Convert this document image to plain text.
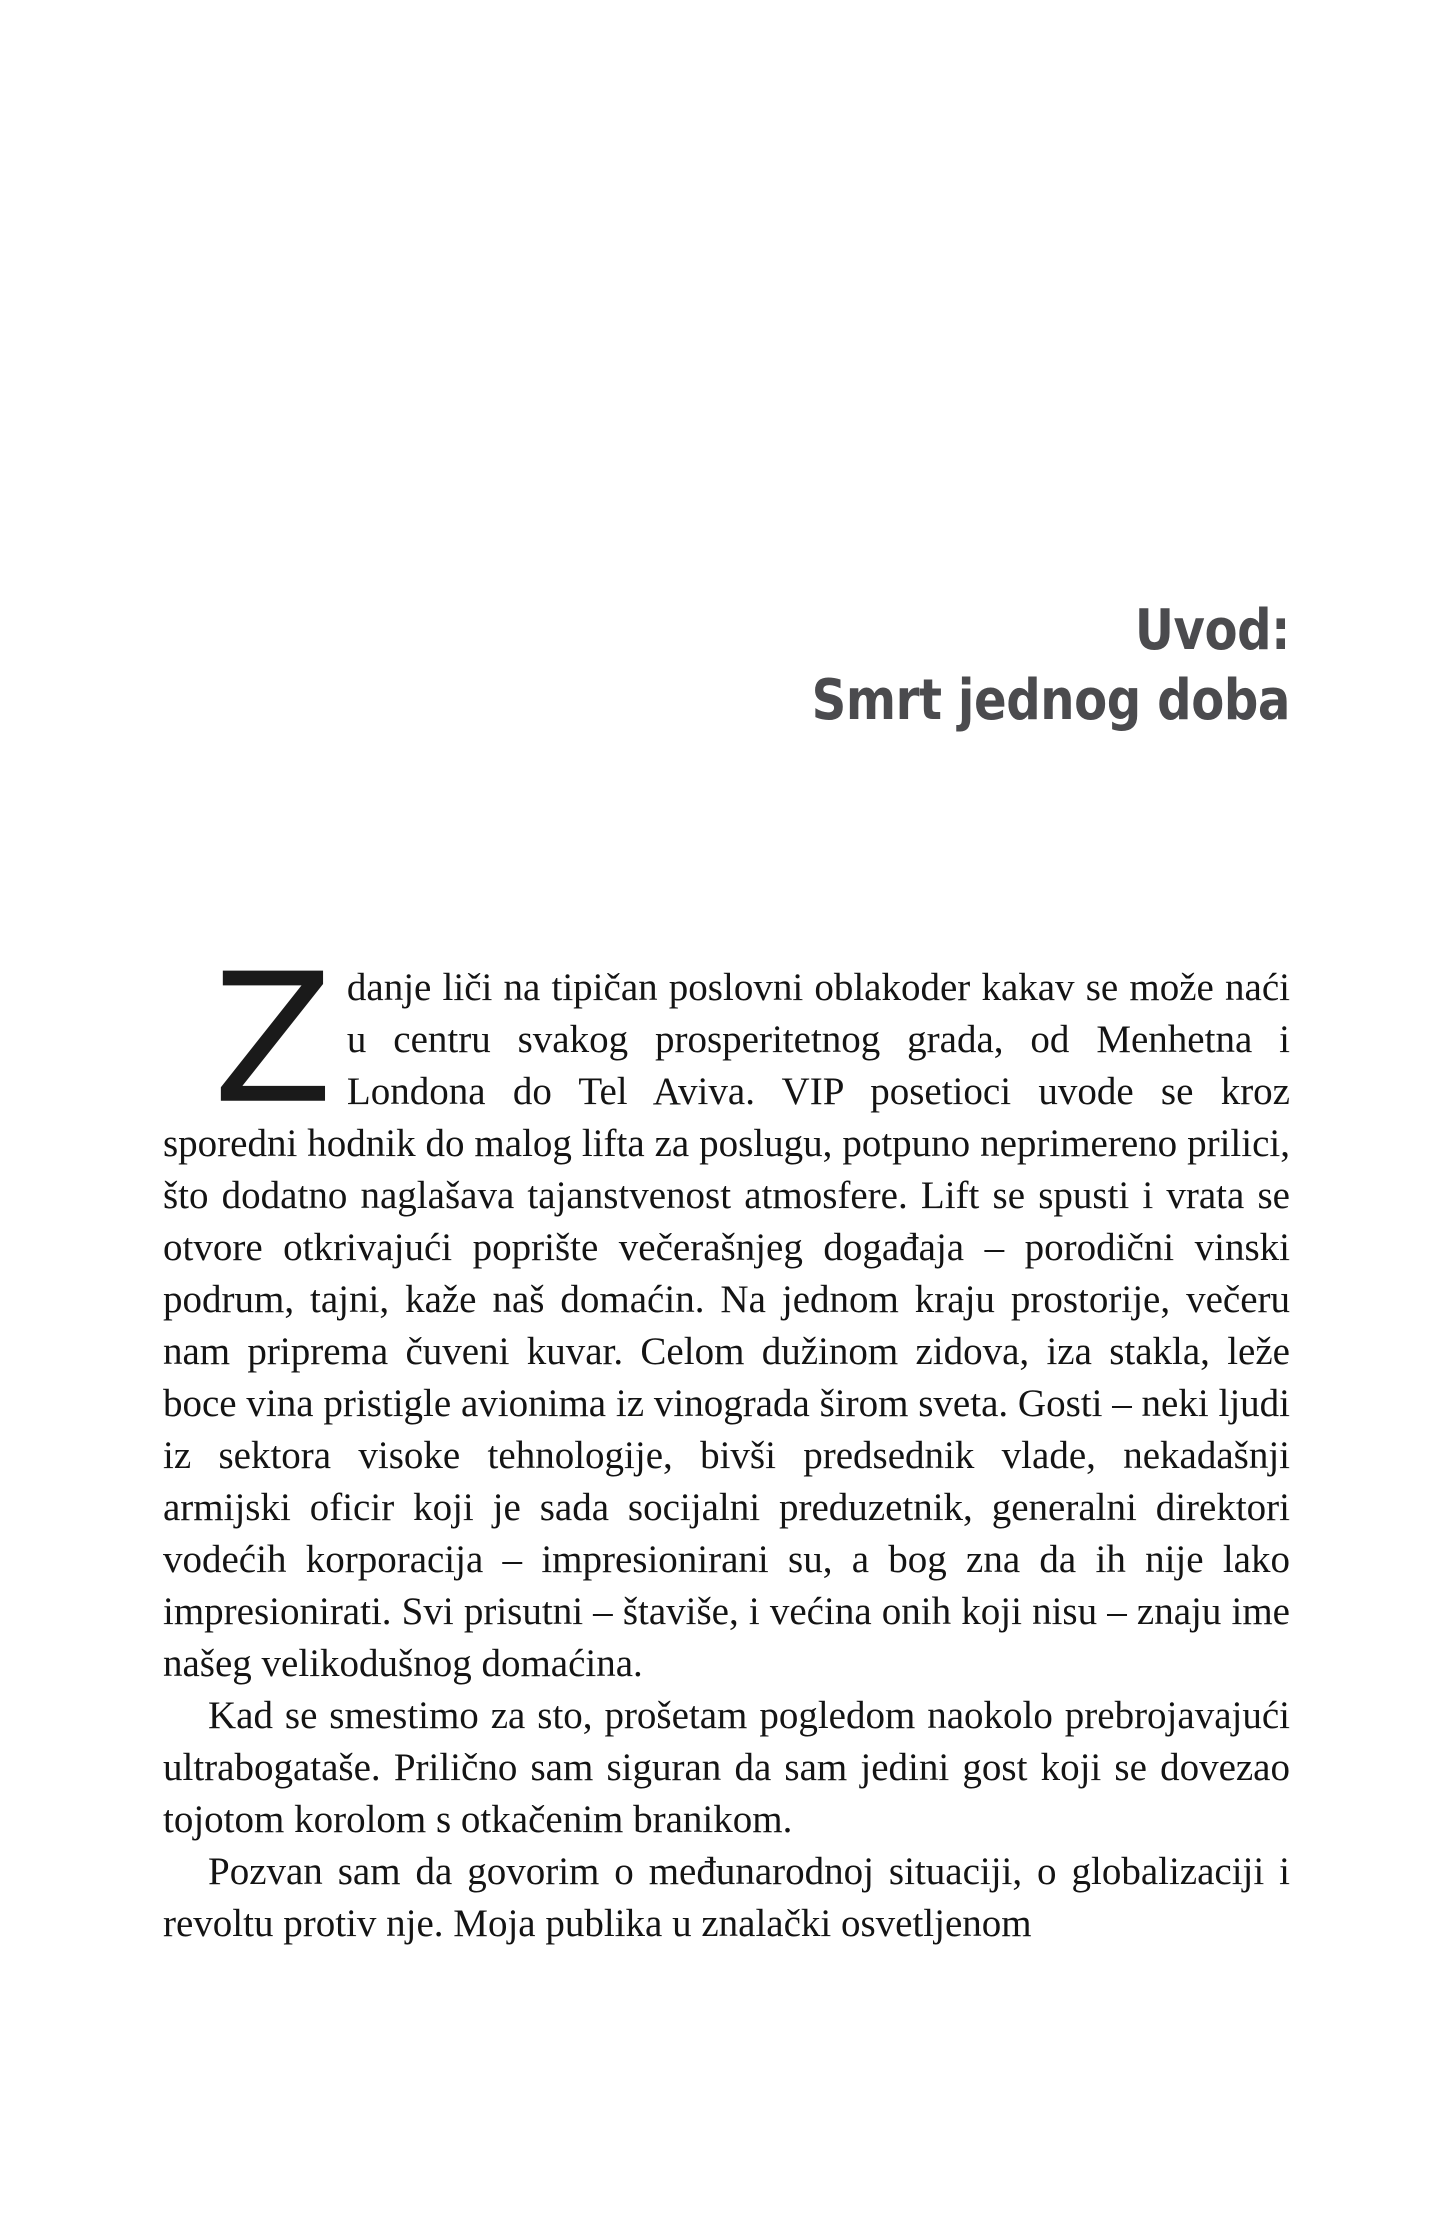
Uvod:
Smrt jednog doba

Zdanje liči na tipičan poslovni oblakoder kakav se može naći u centru svakog prosperitetnog grada, od Menhetna i Londona do Tel Aviva. VIP posetioci uvode se kroz sporedni hodnik do malog lifta za poslugu, potpuno neprimereno prilici, što dodatno naglašava tajanstvenost atmosfere. Lift se spusti i vrata se otvore otkrivajući poprište večerašnjeg događaja – porodični vinski podrum, tajni, kaže naš domaćin. Na jednom kraju prostorije, večeru nam priprema čuveni kuvar. Celom dužinom zidova, iza stakla, leže boce vina pristigle avionima iz vinograda širom sveta. Gosti – neki ljudi iz sektora visoke tehnologije, bivši predsednik vlade, nekadašnji armijski oficir koji je sada socijalni preduzetnik, generalni direktori vodećih korporacija – impresionirani su, a bog zna da ih nije lako impresionirati. Svi prisutni – štaviše, i većina onih koji nisu – znaju ime našeg velikodušnog domaćina.

Kad se smestimo za sto, prošetam pogledom naokolo prebrojavajući ultrabogataše. Prilično sam siguran da sam jedini gost koji se dovezao tojotom korolom s otkačenim branikom.

Pozvan sam da govorim o međunarodnoj situaciji, o globalizaciji i revoltu protiv nje. Moja publika u znalački osvetljenom
